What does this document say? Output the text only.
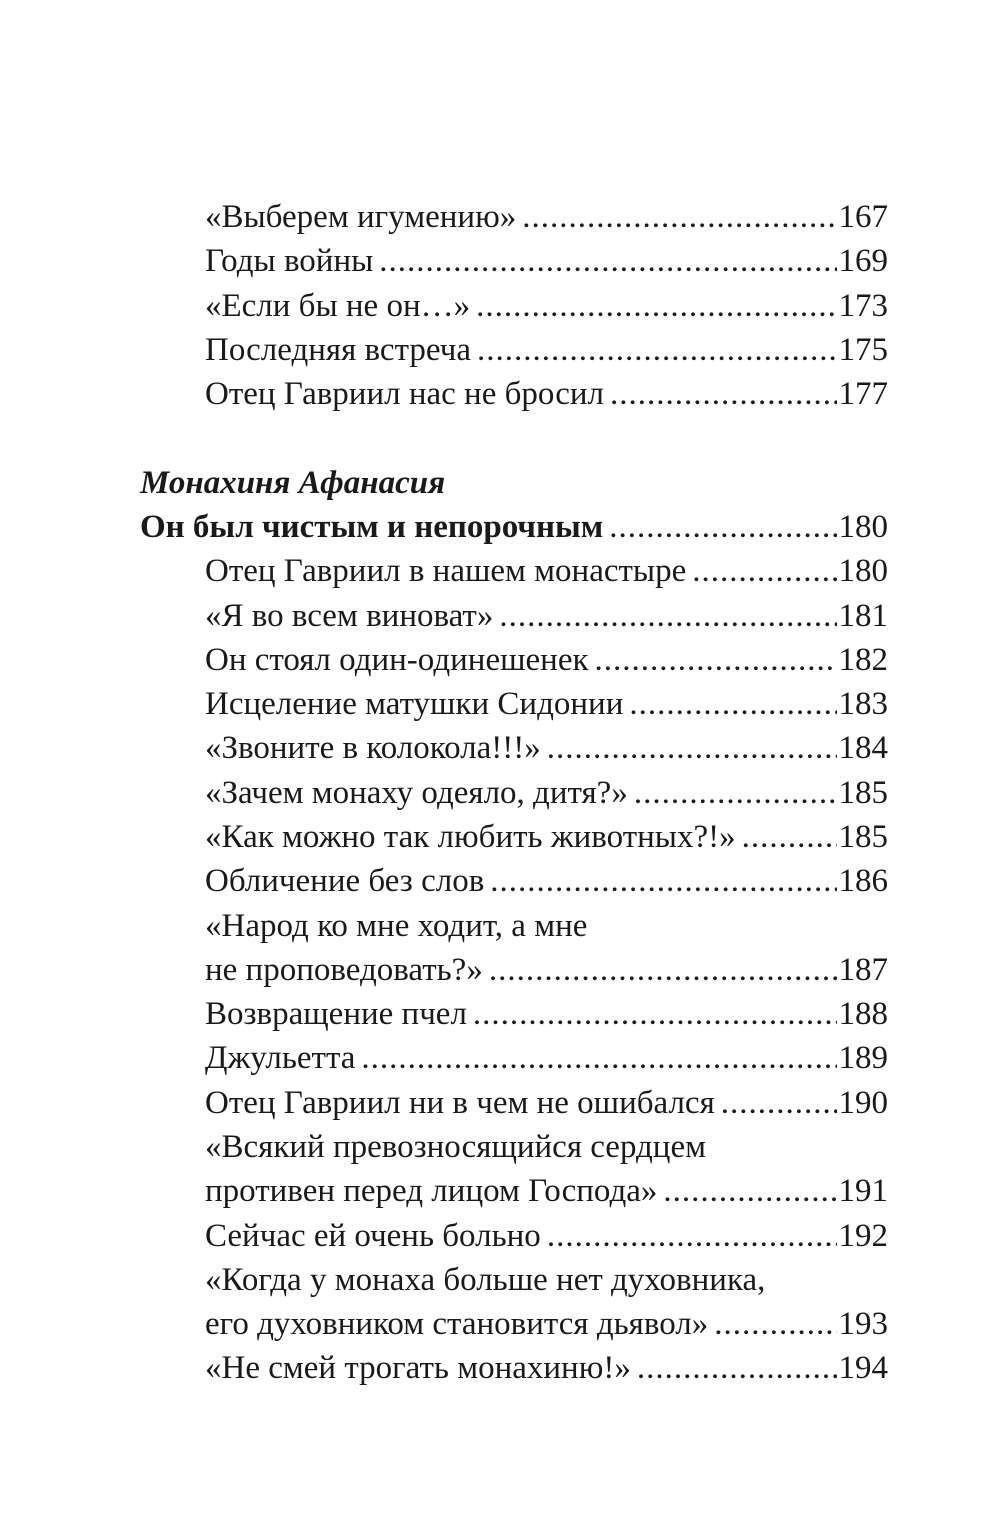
«Выберем игумению» .....	167
Годы войны .....	169
«Если бы не он…» .....	173
Последняя встреча .....	175
Отец Гавриил нас не бросил .....	177
Монахиня Афанасия
Он был чистым и непорочным .....	180
Отец Гавриил в нашем монастыре .....	180
«Я во всем виноват» .....	181
Он стоял один-одинешенек .....	182
Исцеление матушки Сидонии .....	183
«Звоните в колокола!!!» .....	184
«Зачем монаху одеяло, дитя?» .....	185
«Как можно так любить животных?!» .....	185
Обличение без слов .....	186
«Народ ко мне ходит, а мне
не проповедовать?» .....	187
Возвращение пчел .....	188
Джульетта .....	189
Отец Гавриил ни в чем не ошибался .....	190
«Всякий превозносящийся сердцем
противен перед лицом Господа» .....	191
Сейчас ей очень больно .....	192
«Когда у монаха больше нет духовника,
его духовником становится дьявол» .....	193
«Не смей трогать монахиню!» .....	194
